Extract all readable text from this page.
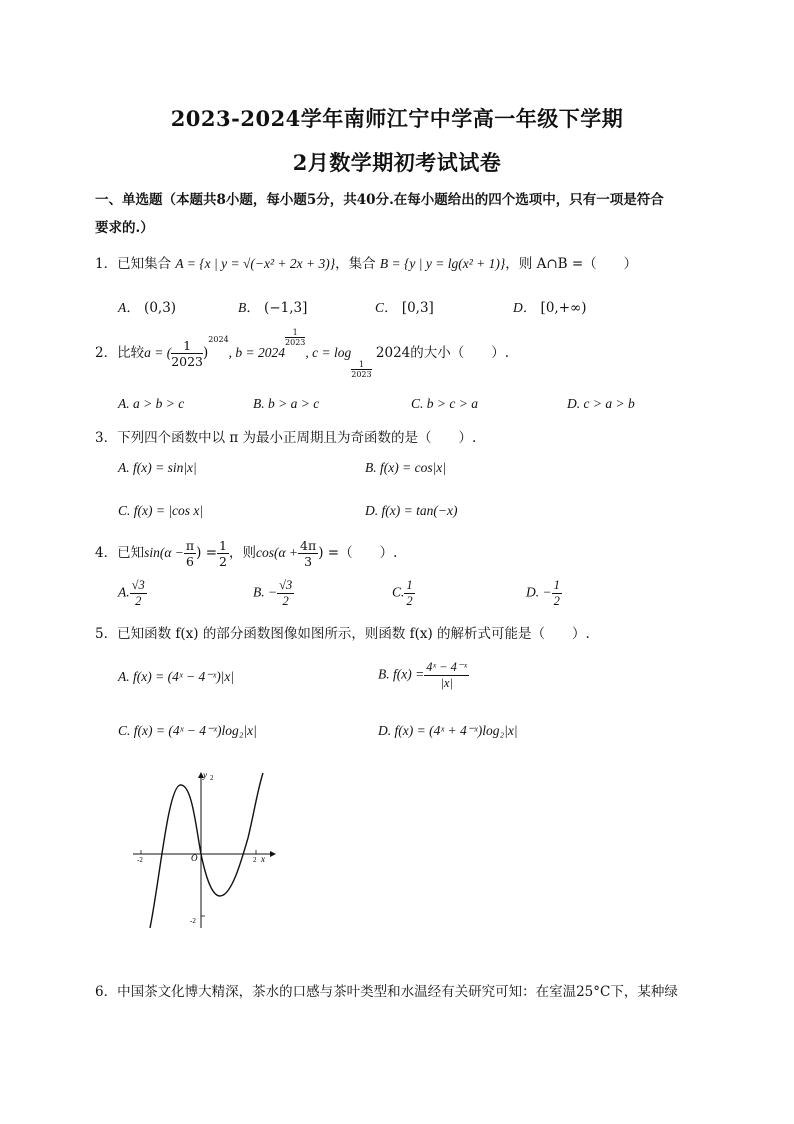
2023-2024学年南师江宁中学高一年级下学期
2月数学期初考试试卷
一、单选题（本题共8小题，每小题5分，共40分.在每小题给出的四个选项中，只有一项是符合
要求的.）
1．已知集合 A = {x | y = √(−x² + 2x + 3)}，集合 B = {y | y = lg(x² + 1)}，则 A∩B =（　　）
A． (0,3)	B． (−1,3]	C． [0,3]	D． [0,+∞)
2．比较a = ( $\frac{1}{2023} )^{2024}$, b = 2024
$\frac{1}{2023}$
, c = log
$\frac{1}{2023}$
2024的大小（　　）.
A. a > b > c	B. b > a > c	C. b > c > a	D. c > a > b
3．下列四个函数中以 π 为最小正周期且为奇函数的是（　　）.
A. f(x) = sin|x|	B. f(x) = cos|x|
C. f(x) = |cos x|	D. f(x) = tan(−x)
4．已知$\sin(\alpha - \frac{\pi}{6}$ ) = $\frac{1}{2}$ ，则$\cos(\alpha + \frac{4\pi}{3}$ ) =（　　）.
A. $\frac{√3}{2}$	B. − $\frac{√3}{2}$	C. $\frac{1}{2}$	D. − $\frac{1}{2}$
5．已知函数 f(x) 的部分函数图像如图所示，则函数 f(x) 的解析式可能是（　　）.
A. f(x) = (4ˣ − 4⁻ˣ)|x|	B. $f(x) = \frac{\text{4ˣ − 4⁻ˣ}}{|x|}$
C. f(x) = (4ˣ − 4⁻ˣ)log₂|x|	D. f(x) = (4ˣ + 4⁻ˣ)log₂|x|
y 2
x
O
-2	2
-2
6．中国茶文化博大精深，茶水的口感与茶叶类型和水温经有关研究可知：在室温25°C下，某种绿
